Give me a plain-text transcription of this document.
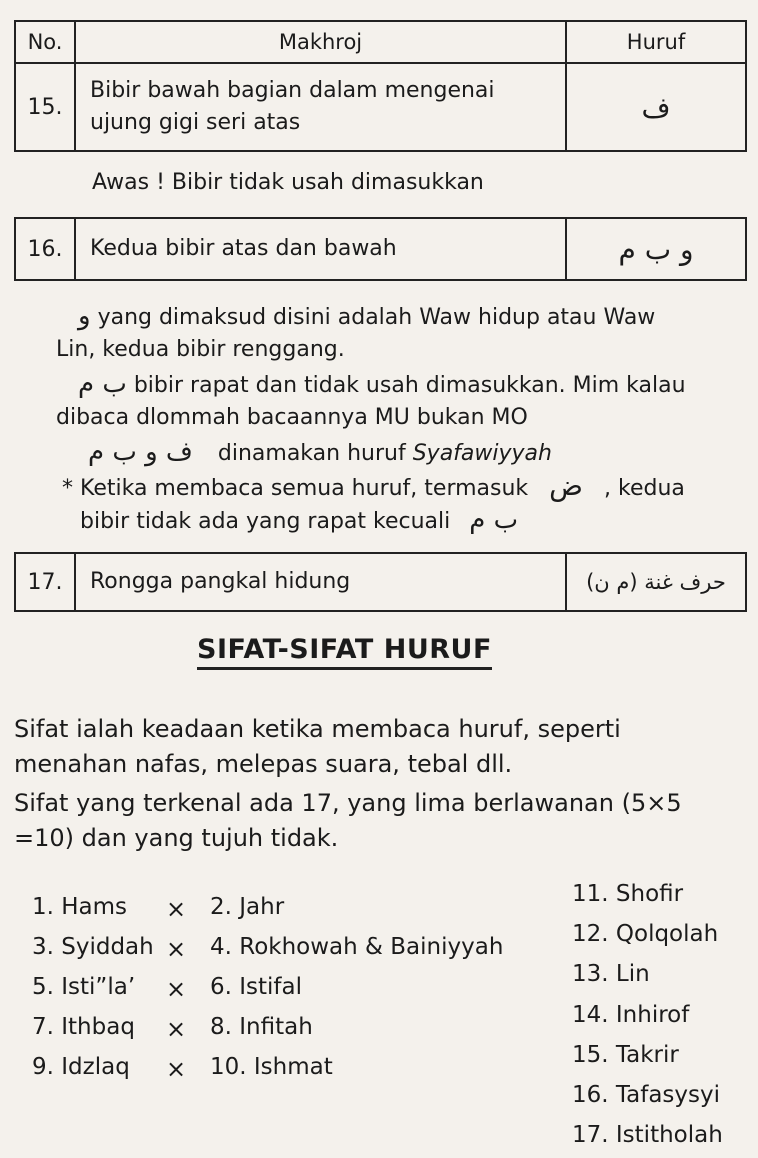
No.	Makhroj	Huruf
15.	Bibir bawah bagian dalam mengenai
ujung gigi seri atas	ف
Awas ! Bibir tidak usah dimasukkan
16.	Kedua bibir atas dan bawah	و ب م
و yang dimaksud disini adalah Waw hidup atau Waw
Lin, kedua bibir renggang.
ب م bibir rapat dan tidak usah dimasukkan. Mim kalau
dibaca dlommah bacaannya MU bukan MO
ف و ب م dinamakan huruf Syafawiyyah
* Ketika membaca semua huruf, termasuk ض , kedua
bibir tidak ada yang rapat kecuali ب م
17.	Rongga pangkal hidung	حرف غنة (م ن)
SIFAT-SIFAT HURUF
Sifat ialah keadaan ketika membaca huruf, seperti
menahan nafas, melepas suara, tebal dll.
Sifat yang terkenal ada 17, yang lima berlawanan (5×5
=10) dan yang tujuh tidak.
1. Hams × 2. Jahr
3. Syiddah × 4. Rokhowah & Bainiyyah
5. Isti”la’ × 6. Istifal
7. Ithbaq × 8. Infitah
9. Idzlaq × 10. Ishmat
11. Shofir
12. Qolqolah
13. Lin
14. Inhirof
15. Takrir
16. Tafasysyi
17. Istitholah
